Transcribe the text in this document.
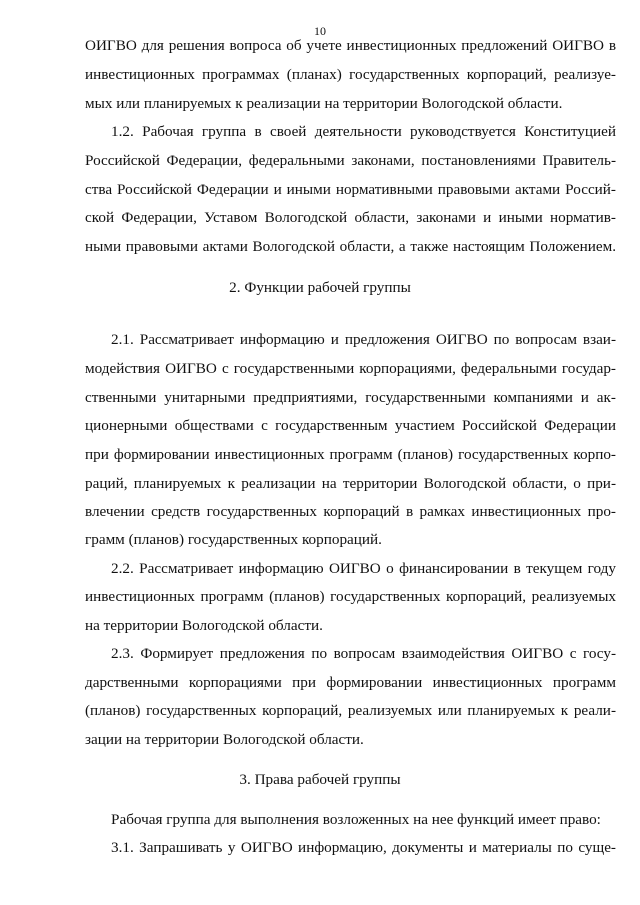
10
ОИГВО для решения вопроса об учете инвестиционных предложений ОИГВО в
инвестиционных программах (планах) государственных корпораций, реализуе-
мых или планируемых к реализации на территории Вологодской области.
1.2. Рабочая группа в своей деятельности руководствуется Конституцией
Российской Федерации, федеральными законами, постановлениями Правитель-
ства Российской Федерации и иными нормативными правовыми актами Россий-
ской Федерации, Уставом Вологодской области, законами и иными норматив-
ными правовыми актами Вологодской области, а также настоящим Положением.
2. Функции рабочей группы
2.1. Рассматривает информацию и предложения ОИГВО по вопросам взаи-
модействия ОИГВО с государственными корпорациями, федеральными государ-
ственными унитарными предприятиями, государственными компаниями и ак-
ционерными обществами с государственным участием Российской Федерации
при формировании инвестиционных программ (планов) государственных корпо-
раций, планируемых к реализации на территории Вологодской области, о при-
влечении средств государственных корпораций в рамках инвестиционных про-
грамм (планов) государственных корпораций.
2.2. Рассматривает информацию ОИГВО о финансировании в текущем году
инвестиционных программ (планов) государственных корпораций, реализуемых
на территории Вологодской области.
2.3. Формирует предложения по вопросам взаимодействия ОИГВО с госу-
дарственными корпорациями при формировании инвестиционных программ
(планов) государственных корпораций, реализуемых или планируемых к реали-
зации на территории Вологодской области.
3. Права рабочей группы
Рабочая группа для выполнения возложенных на нее функций имеет право:
3.1. Запрашивать у ОИГВО информацию, документы и материалы по суще-
